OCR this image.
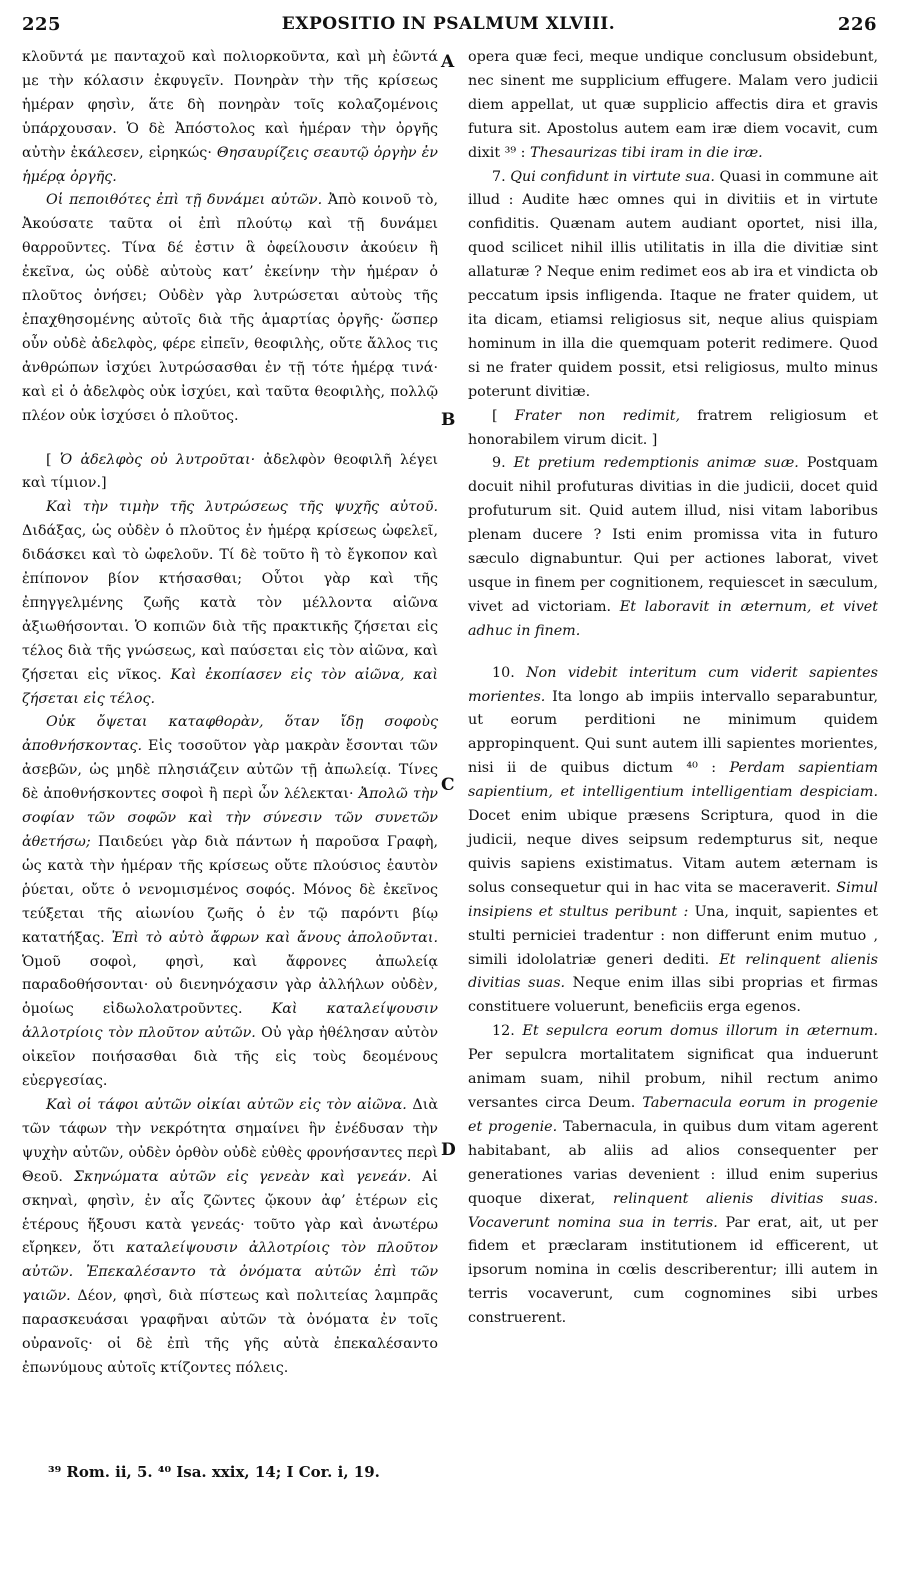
225	EXPOSITIO IN PSALMUM XLVIII.	226

κλοῦντά με πανταχοῦ καὶ πολιορκοῦντα, καὶ μὴ ἐῶντά με τὴν κόλασιν ἐκφυγεῖν. Πονηρὰν τὴν τῆς κρίσεως ἡμέραν φησὶν, ἅτε δὴ πονηρὰν τοῖς κολαζομένοις ὑπάρχουσαν. Ὁ δὲ Ἀπόστολος καὶ ἡμέραν τὴν ὀργῆς αὐτὴν ἐκάλεσεν, εἰρηκώς· Θησαυρίζεις σεαυτῷ ὀργὴν ἐν ἡμέρᾳ ὀργῆς.

Οἱ πεποιθότες ἐπὶ τῇ δυνάμει αὐτῶν. Ἀπὸ κοινοῦ τὸ, Ἀκούσατε ταῦτα οἱ ἐπὶ πλούτῳ καὶ τῇ δυνάμει θαρροῦντες. Τίνα δέ ἐστιν ἃ ὀφείλουσιν ἀκούειν ἢ ἐκεῖνα, ὡς οὐδὲ αὐτοὺς κατ’ ἐκείνην τὴν ἡμέραν ὁ πλοῦτος ὀνήσει; Οὐδὲν γὰρ λυτρώσεται αὐτοὺς τῆς ἐπαχθησομένης αὐτοῖς διὰ τῆς ἁμαρτίας ὀργῆς· ὥσπερ οὖν οὐδὲ ἀδελφὸς, φέρε εἰπεῖν, θεοφιλὴς, οὔτε ἄλλος τις ἀνθρώπων ἰσχύει λυτρώσασθαι ἐν τῇ τότε ἡμέρᾳ τινά· καὶ εἰ ὁ ἀδελφὸς οὐκ ἰσχύει, καὶ ταῦτα θεοφιλὴς, πολλῷ πλέον οὐκ ἰσχύσει ὁ πλοῦτος.

[ Ὁ ἀδελφὸς οὐ λυτροῦται· ἀδελφὸν θεοφιλῆ λέγει καὶ τίμιον.]

Καὶ τὴν τιμὴν τῆς λυτρώσεως τῆς ψυχῆς αὐτοῦ. Διδάξας, ὡς οὐδὲν ὁ πλοῦτος ἐν ἡμέρᾳ κρίσεως ὠφελεῖ, διδάσκει καὶ τὸ ὠφελοῦν. Τί δὲ τοῦτο ἢ τὸ ἔγκοπον καὶ ἐπίπονον βίον κτήσασθαι; Οὗτοι γὰρ καὶ τῆς ἐπηγγελμένης ζωῆς κατὰ τὸν μέλλοντα αἰῶνα ἀξιωθήσονται. Ὁ κοπιῶν διὰ τῆς πρακτικῆς ζήσεται εἰς τέλος διὰ τῆς γνώσεως, καὶ παύσεται εἰς τὸν αἰῶνα, καὶ ζήσεται εἰς νῖκος. Καὶ ἐκοπίασεν εἰς τὸν αἰῶνα, καὶ ζήσεται εἰς τέλος.

Οὐκ ὄψεται καταφθορὰν, ὅταν ἴδῃ σοφοὺς ἀποθνήσκοντας. Εἰς τοσοῦτον γὰρ μακρὰν ἔσονται τῶν ἀσεβῶν, ὡς μηδὲ πλησιάζειν αὐτῶν τῇ ἀπωλείᾳ. Τίνες δὲ ἀποθνήσκοντες σοφοὶ ἢ περὶ ὧν λέλεκται· Ἀπολῶ τὴν σοφίαν τῶν σοφῶν καὶ τὴν σύνεσιν τῶν συνετῶν ἀθετήσω; Παιδεύει γὰρ διὰ πάντων ἡ παροῦσα Γραφὴ, ὡς κατὰ τὴν ἡμέραν τῆς κρίσεως οὔτε πλούσιος ἑαυτὸν ῥύεται, οὔτε ὁ νενομισμένος σοφός. Μόνος δὲ ἐκεῖνος τεύξεται τῆς αἰωνίου ζωῆς ὁ ἐν τῷ παρόντι βίῳ κατατήξας. Ἐπὶ τὸ αὐτὸ ἄφρων καὶ ἄνους ἀπολοῦνται. Ὁμοῦ σοφοὶ, φησὶ, καὶ ἄφρονες ἀπωλείᾳ παραδοθήσονται· οὐ διενηνόχασιν γὰρ ἀλλήλων οὐδὲν, ὁμοίως εἰδωλολατροῦντες. Καὶ καταλείψουσιν ἀλλοτρίοις τὸν πλοῦτον αὐτῶν. Οὐ γὰρ ἠθέλησαν αὐτὸν οἰκεῖον ποιήσασθαι διὰ τῆς εἰς τοὺς δεομένους εὐεργεσίας.

Καὶ οἱ τάφοι αὐτῶν οἰκίαι αὐτῶν εἰς τὸν αἰῶνα. Διὰ τῶν τάφων τὴν νεκρότητα σημαίνει ἣν ἐνέδυσαν τὴν ψυχὴν αὐτῶν, οὐδὲν ὀρθὸν οὐδὲ εὐθὲς φρονήσαντες περὶ Θεοῦ. Σκηνώματα αὐτῶν εἰς γενεὰν καὶ γενεάν. Αἱ σκηναὶ, φησὶν, ἐν αἷς ζῶντες ᾤκουν ἀφ’ ἑτέρων εἰς ἑτέρους ἥξουσι κατὰ γενεάς· τοῦτο γὰρ καὶ ἀνωτέρω εἴρηκεν, ὅτι καταλείψουσιν ἀλλοτρίοις τὸν πλοῦτον αὐτῶν. Ἐπεκαλέσαντο τὰ ὀνόματα αὐτῶν ἐπὶ τῶν γαιῶν. Δέον, φησὶ, διὰ πίστεως καὶ πολιτείας λαμπρᾶς παρασκευάσαι γραφῆναι αὐτῶν τὰ ὀνόματα ἐν τοῖς οὐρανοῖς· οἱ δὲ ἐπὶ τῆς γῆς αὐτὰ ἐπεκαλέσαντο ἐπωνύμους αὐτοῖς κτίζοντες πόλεις.

opera quæ feci, meque undique conclusum obsidebunt, nec sinent me supplicium effugere. Malam vero judicii diem appellat, ut quæ supplicio affectis dira et gravis futura sit. Apostolus autem eam iræ diem vocavit, cum dixit ³⁹ : Thesaurizas tibi iram in die iræ.

7. Qui confidunt in virtute sua. Quasi in commune ait illud : Audite hæc omnes qui in divitiis et in virtute confiditis. Quænam autem audiant oportet, nisi illa, quod scilicet nihil illis utilitatis in illa die divitiæ sint allaturæ ? Neque enim redimet eos ab ira et vindicta ob peccatum ipsis infligenda. Itaque ne frater quidem, ut ita dicam, etiamsi religiosus sit, neque alius quispiam hominum in illa die quemquam poterit redimere. Quod si ne frater quidem possit, etsi religiosus, multo minus poterunt divitiæ.

[ Frater non redimit, fratrem religiosum et honorabilem virum dicit. ]

9. Et pretium redemptionis animæ suæ. Postquam docuit nihil profuturas divitias in die judicii, docet quid profuturum sit. Quid autem illud, nisi vitam laboribus plenam ducere ? Isti enim promissa vita in futuro sæculo dignabuntur. Qui per actiones laborat, vivet usque in finem per cognitionem, requiescet in sæculum, vivet ad victoriam. Et laboravit in æternum, et vivet adhuc in finem.

10. Non videbit interitum cum viderit sapientes morientes. Ita longo ab impiis intervallo separabuntur, ut eorum perditioni ne minimum quidem appropinquent. Qui sunt autem illi sapientes morientes, nisi ii de quibus dictum ⁴⁰ : Perdam sapientiam sapientium, et intelligentium intelligentiam despiciam. Docet enim ubique præsens Scriptura, quod in die judicii, neque dives seipsum redempturus sit, neque quivis sapiens existimatus. Vitam autem æternam is solus consequetur qui in hac vita se maceraverit. Simul insipiens et stultus peribunt : Una, inquit, sapientes et stulti perniciei tradentur : non differunt enim mutuo , simili idololatriæ generi dediti. Et relinquent alienis divitias suas. Neque enim illas sibi proprias et firmas constituere voluerunt, beneficiis erga egenos.

12. Et sepulcra eorum domus illorum in æternum. Per sepulcra mortalitatem significat qua induerunt animam suam, nihil probum, nihil rectum animo versantes circa Deum. Tabernacula eorum in progenie et progenie. Tabernacula, in quibus dum vitam agerent habitabant, ab aliis ad alios consequenter per generationes varias devenient : illud enim superius quoque dixerat, relinquent alienis divitias suas. Vocaverunt nomina sua in terris. Par erat, ait, ut per fidem et præclaram institutionem id efficerent, ut ipsorum nomina in cœlis describerentur; illi autem in terris vocaverunt, cum cognomines sibi urbes construerent.

A
B
C
D
³⁹ Rom. ii, 5. ⁴⁰ Isa. xxix, 14; I Cor. i, 19.
